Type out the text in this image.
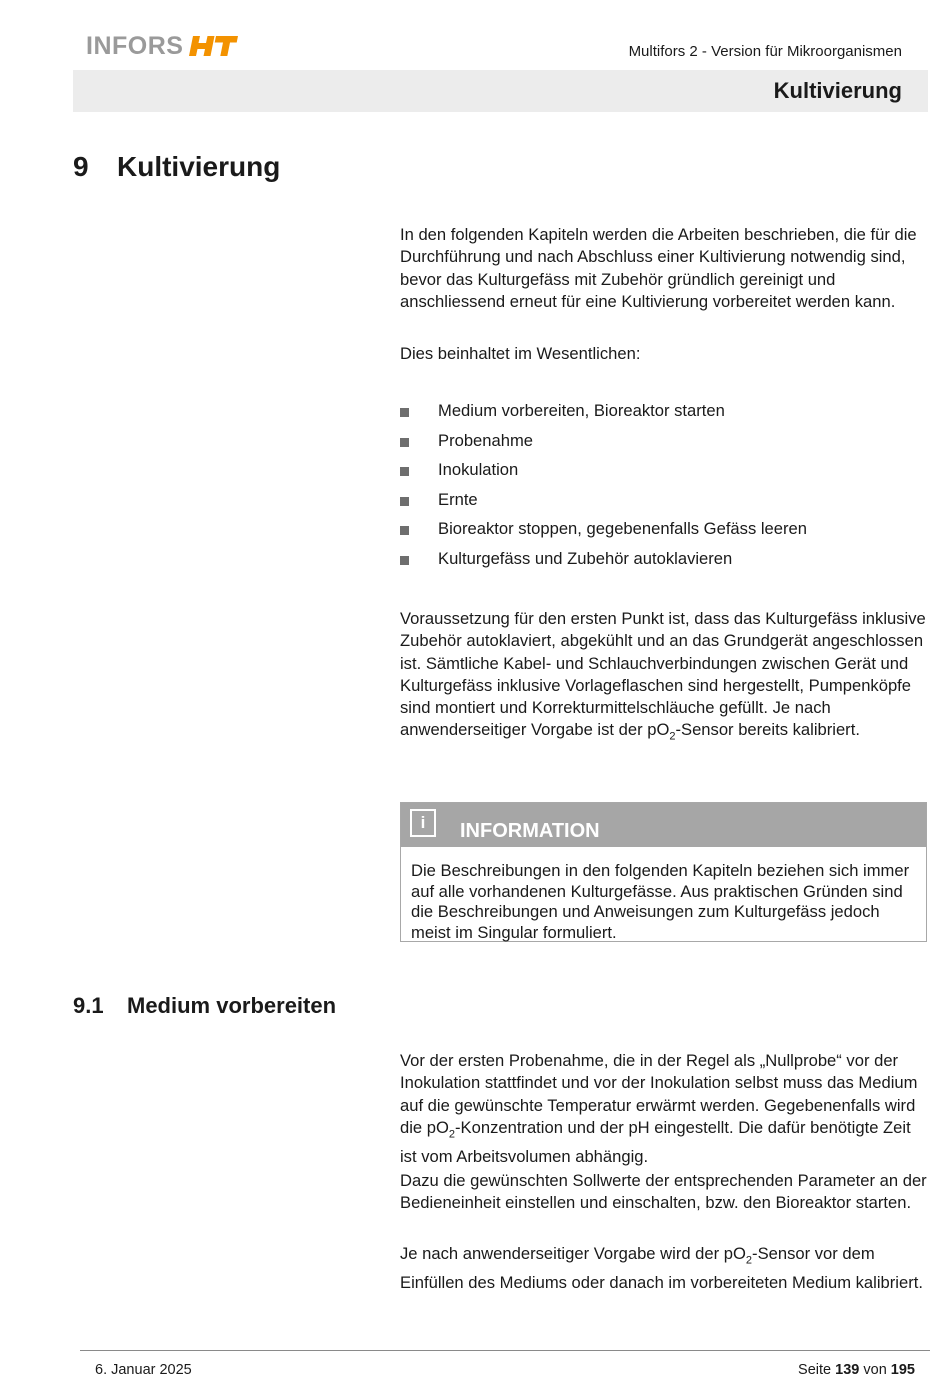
INFORS	Multifors 2 - Version für Mikroorganismen
Kultivierung
9	Kultivierung

In den folgenden Kapiteln werden die Arbeiten beschrieben, die für die Durchführung und nach Abschluss einer Kultivierung notwendig sind, bevor das Kulturgefäss mit Zubehör gründlich gereinigt und anschliessend erneut für eine Kultivierung vorbereitet werden kann.

Dies beinhaltet im Wesentlichen:

Medium vorbereiten, Bioreaktor starten
Probenahme
Inokulation
Ernte
Bioreaktor stoppen, gegebenenfalls Gefäss leeren
Kulturgefäss und Zubehör autoklavieren

Voraussetzung für den ersten Punkt ist, dass das Kulturgefäss inklusive Zubehör autoklaviert, abgekühlt und an das Grundgerät angeschlossen ist. Sämtliche Kabel- und Schlauchverbindungen zwischen Gerät und Kulturgefäss inklusive Vorlageflaschen sind hergestellt, Pumpenköpfe sind montiert und Korrekturmittelschläuche gefüllt. Je nach anwenderseitiger Vorgabe ist der $pO_2$-Sensor bereits kalibriert.

i	INFORMATION
Die Beschreibungen in den folgenden Kapiteln beziehen sich immer auf alle vorhandenen Kulturgefässe. Aus praktischen Gründen sind die Beschreibungen und Anweisungen zum Kulturgefäss jedoch meist im Singular formuliert.
9.1	Medium vorbereiten

Vor der ersten Probenahme, die in der Regel als „Nullprobe“ vor der Inokulation stattfindet und vor der Inokulation selbst muss das Medium auf die gewünschte Temperatur erwärmt werden. Gegebenenfalls wird die $pO_2$-Konzentration und der pH eingestellt. Die dafür benötigte Zeit ist vom Arbeitsvolumen abhängig.

Dazu die gewünschten Sollwerte der entsprechenden Parameter an der Bedieneinheit einstellen und einschalten, bzw. den Bioreaktor starten.

Je nach anwenderseitiger Vorgabe wird der $pO_2$-Sensor vor dem Einfüllen des Mediums oder danach im vorbereiteten Medium kalibriert.

6. Januar 2025	Seite 139 von 195
